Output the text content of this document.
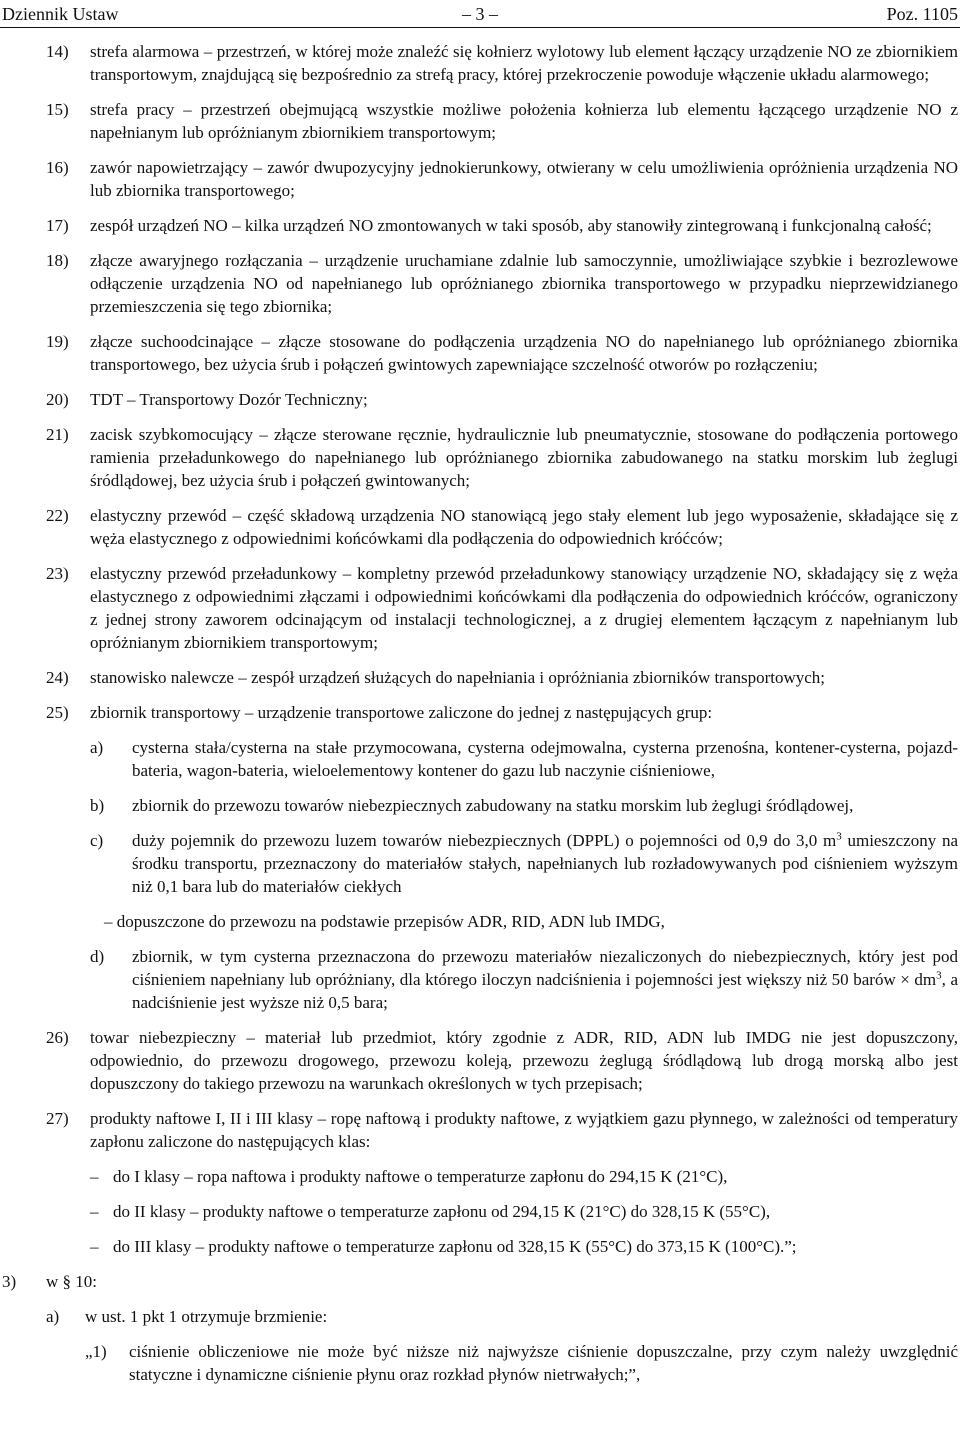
Dziennik Ustaw	– 3 –	Poz. 1105
14) strefa alarmowa – przestrzeń, w której może znaleźć się kołnierz wylotowy lub element łączący urządzenie NO ze zbiornikiem transportowym, znajdującą się bezpośrednio za strefą pracy, której przekroczenie powoduje włączenie układu alarmowego;
15) strefa pracy – przestrzeń obejmującą wszystkie możliwe położenia kołnierza lub elementu łączącego urządzenie NO z napełnianym lub opróżnianym zbiornikiem transportowym;
16) zawór napowietrzający – zawór dwupozycyjny jednokierunkowy, otwierany w celu umożliwienia opróżnienia urządzenia NO lub zbiornika transportowego;
17) zespół urządzeń NO – kilka urządzeń NO zmontowanych w taki sposób, aby stanowiły zintegrowaną i funkcjonalną całość;
18) złącze awaryjnego rozłączania – urządzenie uruchamiane zdalnie lub samoczynnie, umożliwiające szybkie i bezrozlewowe odłączenie urządzenia NO od napełnianego lub opróżnianego zbiornika transportowego w przypadku nieprzewidzianego przemieszczenia się tego zbiornika;
19) złącze suchoodcinające – złącze stosowane do podłączenia urządzenia NO do napełnianego lub opróżnianego zbiornika transportowego, bez użycia śrub i połączeń gwintowych zapewniające szczelność otworów po rozłączeniu;
20) TDT – Transportowy Dozór Techniczny;
21) zacisk szybkomocujący – złącze sterowane ręcznie, hydraulicznie lub pneumatycznie, stosowane do podłączenia portowego ramienia przeładunkowego do napełnianego lub opróżnianego zbiornika zabudowanego na statku morskim lub żeglugi śródlądowej, bez użycia śrub i połączeń gwintowanych;
22) elastyczny przewód – część składową urządzenia NO stanowiącą jego stały element lub jego wyposażenie, składające się z węża elastycznego z odpowiednimi końcówkami dla podłączenia do odpowiednich króćców;
23) elastyczny przewód przeładunkowy – kompletny przewód przeładunkowy stanowiący urządzenie NO, składający się z węża elastycznego z odpowiednimi złączami i odpowiednimi końcówkami dla podłączenia do odpowiednich króćców, ograniczony z jednej strony zaworem odcinającym od instalacji technologicznej, a z drugiej elementem łączącym z napełnianym lub opróżnianym zbiornikiem transportowym;
24) stanowisko nalewcze – zespół urządzeń służących do napełniania i opróżniania zbiorników transportowych;
25) zbiornik transportowy – urządzenie transportowe zaliczone do jednej z następujących grup:
a) cysterna stała/cysterna na stałe przymocowana, cysterna odejmowalna, cysterna przenośna, kontener-cysterna, pojazd-bateria, wagon-bateria, wieloelementowy kontener do gazu lub naczynie ciśnieniowe,
b) zbiornik do przewozu towarów niebezpiecznych zabudowany na statku morskim lub żeglugi śródlądowej,
c) duży pojemnik do przewozu luzem towarów niebezpiecznych (DPPL) o pojemności od 0,9 do 3,0 $m^3$ umieszczony na środku transportu, przeznaczony do materiałów stałych, napełnianych lub rozładowywanych pod ciśnieniem wyższym niż 0,1 bara lub do materiałów ciekłych
– dopuszczone do przewozu na podstawie przepisów ADR, RID, ADN lub IMDG,
d) zbiornik, w tym cysterna przeznaczona do przewozu materiałów niezaliczonych do niebezpiecznych, który jest pod ciśnieniem napełniany lub opróżniany, dla którego iloczyn nadciśnienia i pojemności jest większy niż 50 barów × $dm^3$, a nadciśnienie jest wyższe niż 0,5 bara;
26) towar niebezpieczny – materiał lub przedmiot, który zgodnie z ADR, RID, ADN lub IMDG nie jest dopuszczony, odpowiednio, do przewozu drogowego, przewozu koleją, przewozu żeglugą śródlądową lub drogą morską albo jest dopuszczony do takiego przewozu na warunkach określonych w tych przepisach;
27) produkty naftowe I, II i III klasy – ropę naftową i produkty naftowe, z wyjątkiem gazu płynnego, w zależności od temperatury zapłonu zaliczone do następujących klas:
– do I klasy – ropa naftowa i produkty naftowe o temperaturze zapłonu do 294,15 K (21°C),
– do II klasy – produkty naftowe o temperaturze zapłonu od 294,15 K (21°C) do 328,15 K (55°C),
– do III klasy – produkty naftowe o temperaturze zapłonu od 328,15 K (55°C) do 373,15 K (100°C).”;
3) w § 10:
a) w ust. 1 pkt 1 otrzymuje brzmienie:
„1) ciśnienie obliczeniowe nie może być niższe niż najwyższe ciśnienie dopuszczalne, przy czym należy uwzględnić statyczne i dynamiczne ciśnienie płynu oraz rozkład płynów nietrwałych;”,
